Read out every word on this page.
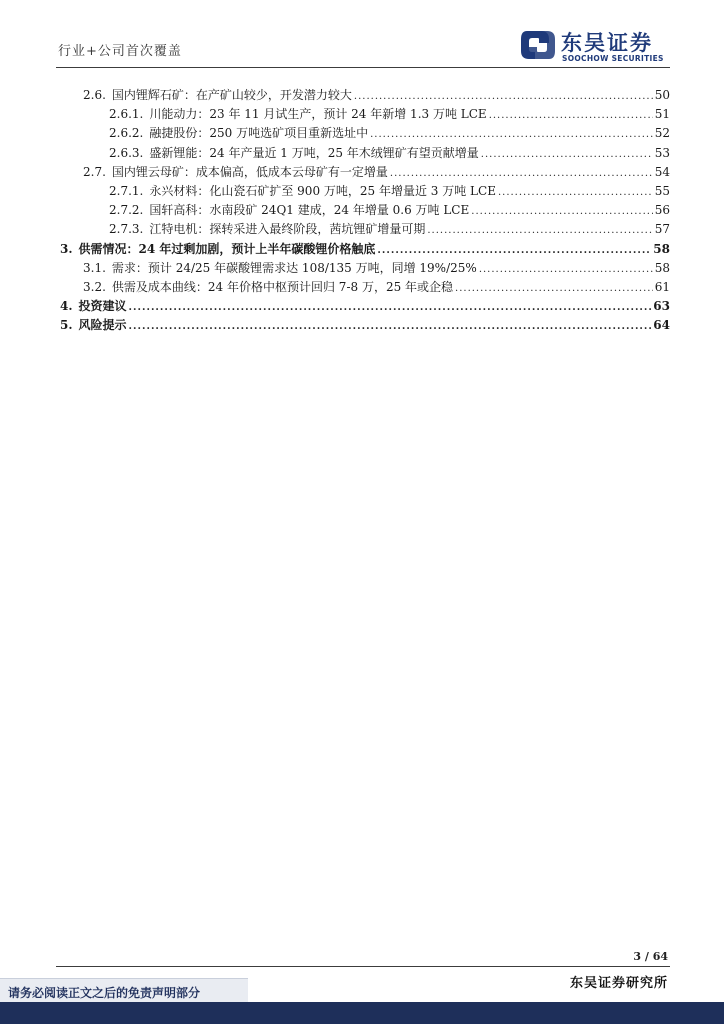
行业+公司首次覆盖	东吴证券
SOOCHOW SECURITIES
2.6. 国内锂辉石矿：在产矿山较少，开发潜力较大 .....	50
2.6.1. 川能动力：23 年 11 月试生产，预计 24 年新增 1.3 万吨 LCE .....	51
2.6.2. 融捷股份：250 万吨选矿项目重新选址中 .....	52
2.6.3. 盛新锂能：24 年产量近 1 万吨，25 年木绒锂矿有望贡献增量 .....	53
2.7. 国内锂云母矿：成本偏高，低成本云母矿有一定增量 .....	54
2.7.1. 永兴材料：化山瓷石矿扩至 900 万吨，25 年增量近 3 万吨 LCE .....	55
2.7.2. 国轩高科：水南段矿 24Q1 建成，24 年增量 0.6 万吨 LCE .....	56
2.7.3. 江特电机：探转采进入最终阶段，茜坑锂矿增量可期 .....	57
3. 供需情况：24 年过剩加剧，预计上半年碳酸锂价格触底 .....	58
3.1. 需求：预计 24/25 年碳酸锂需求达 108/135 万吨，同增 19%/25% .....	58
3.2. 供需及成本曲线：24 年价格中枢预计回归 7-8 万，25 年或企稳 .....	61
4. 投资建议 .....	63
5. 风险提示 .....	64
3 / 64
东吴证券研究所
请务必阅读正文之后的免责声明部分
